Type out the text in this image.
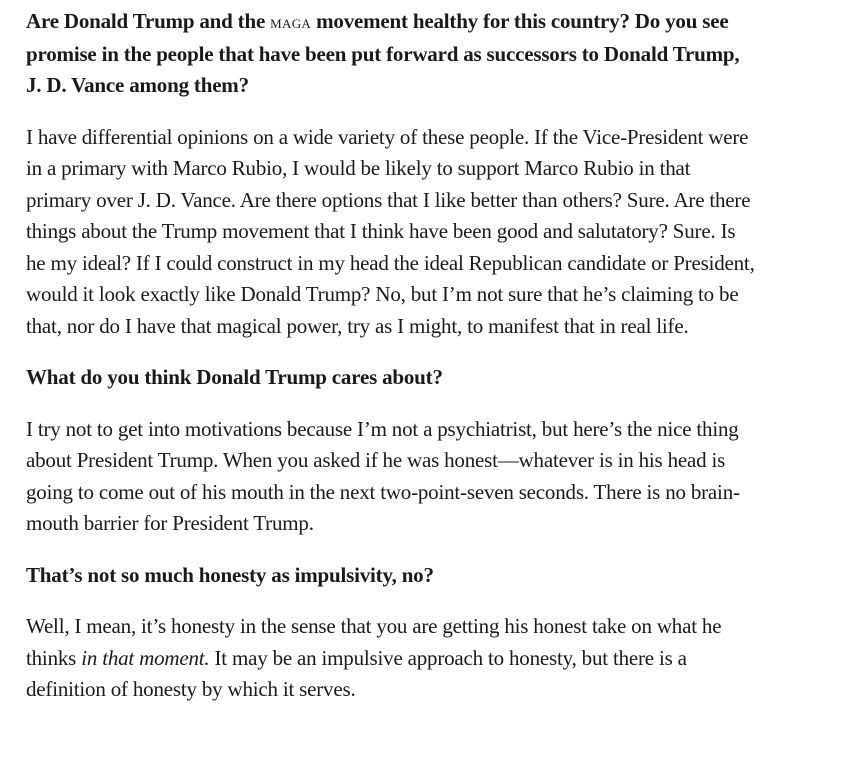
Are Donald Trump and the maga movement healthy for this country? Do you see promise in the people that have been put forward as successors to Donald Trump, J. D. Vance among them?

I have differential opinions on a wide variety of these people. If the Vice-President were in a primary with Marco Rubio, I would be likely to support Marco Rubio in that primary over J. D. Vance. Are there options that I like better than others? Sure. Are there things about the Trump movement that I think have been good and salutatory? Sure. Is he my ideal? If I could construct in my head the ideal Republican candidate or President, would it look exactly like Donald Trump? No, but I’m not sure that he’s claiming to be that, nor do I have that magical power, try as I might, to manifest that in real life.

What do you think Donald Trump cares about?

I try not to get into motivations because I’m not a psychiatrist, but here’s the nice thing about President Trump. When you asked if he was honest—whatever is in his head is going to come out of his mouth in the next two-point-seven seconds. There is no brain-mouth barrier for President Trump.

That’s not so much honesty as impulsivity, no?

Well, I mean, it’s honesty in the sense that you are getting his honest take on what he thinks in that moment. It may be an impulsive approach to honesty, but there is a definition of honesty by which it serves.
